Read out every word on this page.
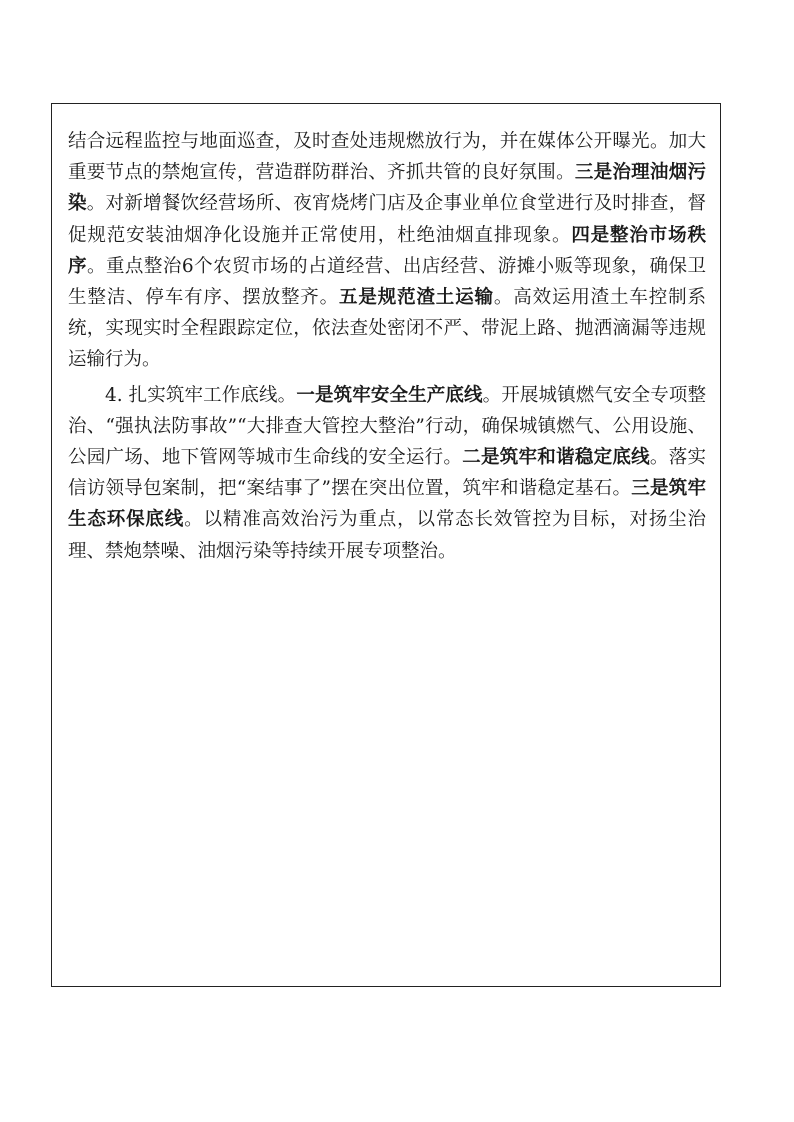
结合远程监控与地面巡查，及时查处违规燃放行为，并在媒体公开曝光。加大重要节点的禁炮宣传，营造群防群治、齐抓共管的良好氛围。三是治理油烟污染。对新增餐饮经营场所、夜宵烧烤门店及企事业单位食堂进行及时排查，督促规范安装油烟净化设施并正常使用，杜绝油烟直排现象。四是整治市场秩序。重点整治6个农贸市场的占道经营、出店经营、游摊小贩等现象，确保卫生整洁、停车有序、摆放整齐。五是规范渣土运输。高效运用渣土车控制系统，实现实时全程跟踪定位，依法查处密闭不严、带泥上路、抛洒滴漏等违规运输行为。

4. 扎实筑牢工作底线。一是筑牢安全生产底线。开展城镇燃气安全专项整治、“强执法防事故”“大排查大管控大整治”行动，确保城镇燃气、公用设施、公园广场、地下管网等城市生命线的安全运行。二是筑牢和谐稳定底线。落实信访领导包案制，把“案结事了”摆在突出位置，筑牢和谐稳定基石。三是筑牢生态环保底线。以精准高效治污为重点，以常态长效管控为目标，对扬尘治理、禁炮禁噪、油烟污染等持续开展专项整治。
